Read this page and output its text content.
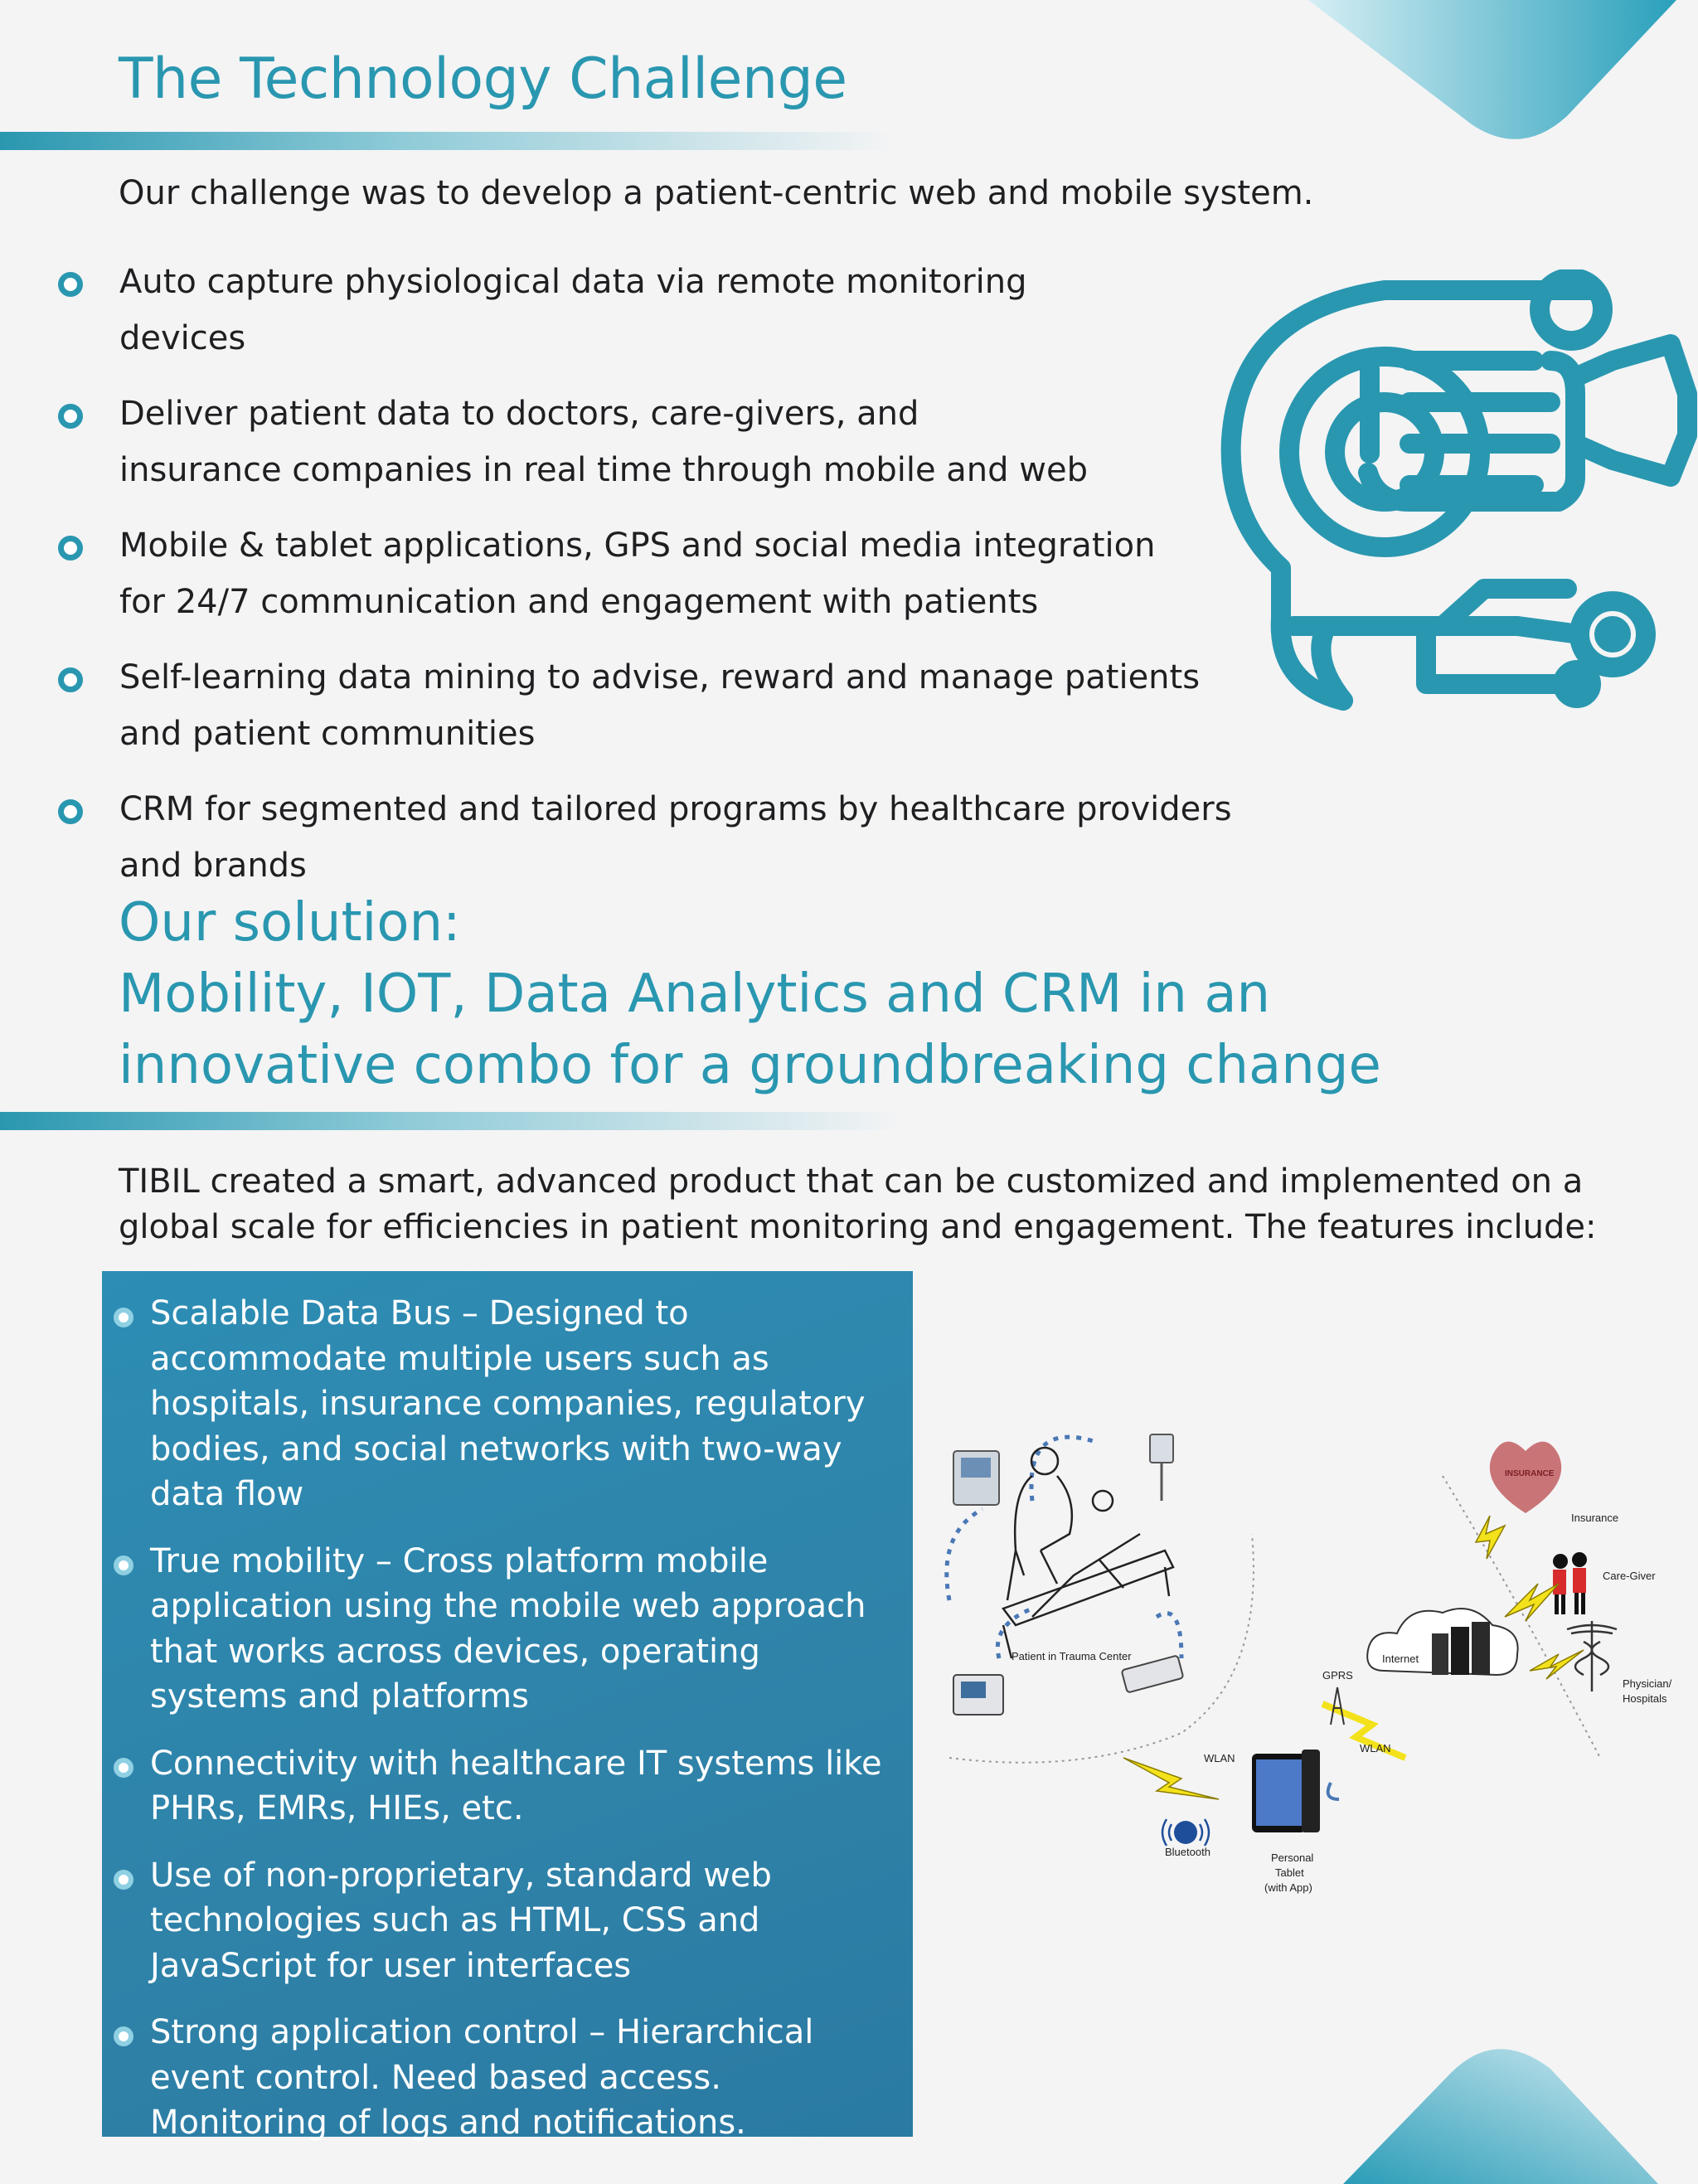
The Technology Challenge
Our challenge was to develop a patient-centric web and mobile system.
Auto capture physiological data via remote monitoring devices
Deliver patient data to doctors, care-givers, and insurance companies in real time through mobile and web
Mobile & tablet applications, GPS and social media integration for 24/7 communication and engagement with patients
Self-learning data mining to advise, reward and manage patients and patient communities
CRM for segmented and tailored programs by healthcare providers and brands
Our solution:
Mobility, IOT, Data Analytics and CRM in an innovative combo for a groundbreaking change
TIBIL created a smart, advanced product that can be customized and implemented on a global scale for efficiencies in patient monitoring and engagement. The features include:
Scalable Data Bus – Designed to accommodate multiple users such as hospitals, insurance companies, regulatory bodies, and social networks with two-way data flow
True mobility – Cross platform mobile application using the mobile web approach that works across devices, operating systems and platforms
Connectivity with healthcare IT systems like PHRs, EMRs, HIEs, etc.
Use of non-proprietary, standard web technologies such as HTML, CSS and JavaScript for user interfaces
Strong application control – Hierarchical event control. Need based access. Monitoring of logs and notifications.
Patient in Trauma Center
Bluetooth
WLAN
Personal
Tablet
(with App)
WLAN
GPRS
Internet
INSURANCE
Insurance
Care-Giver
Physician/
Hospitals
